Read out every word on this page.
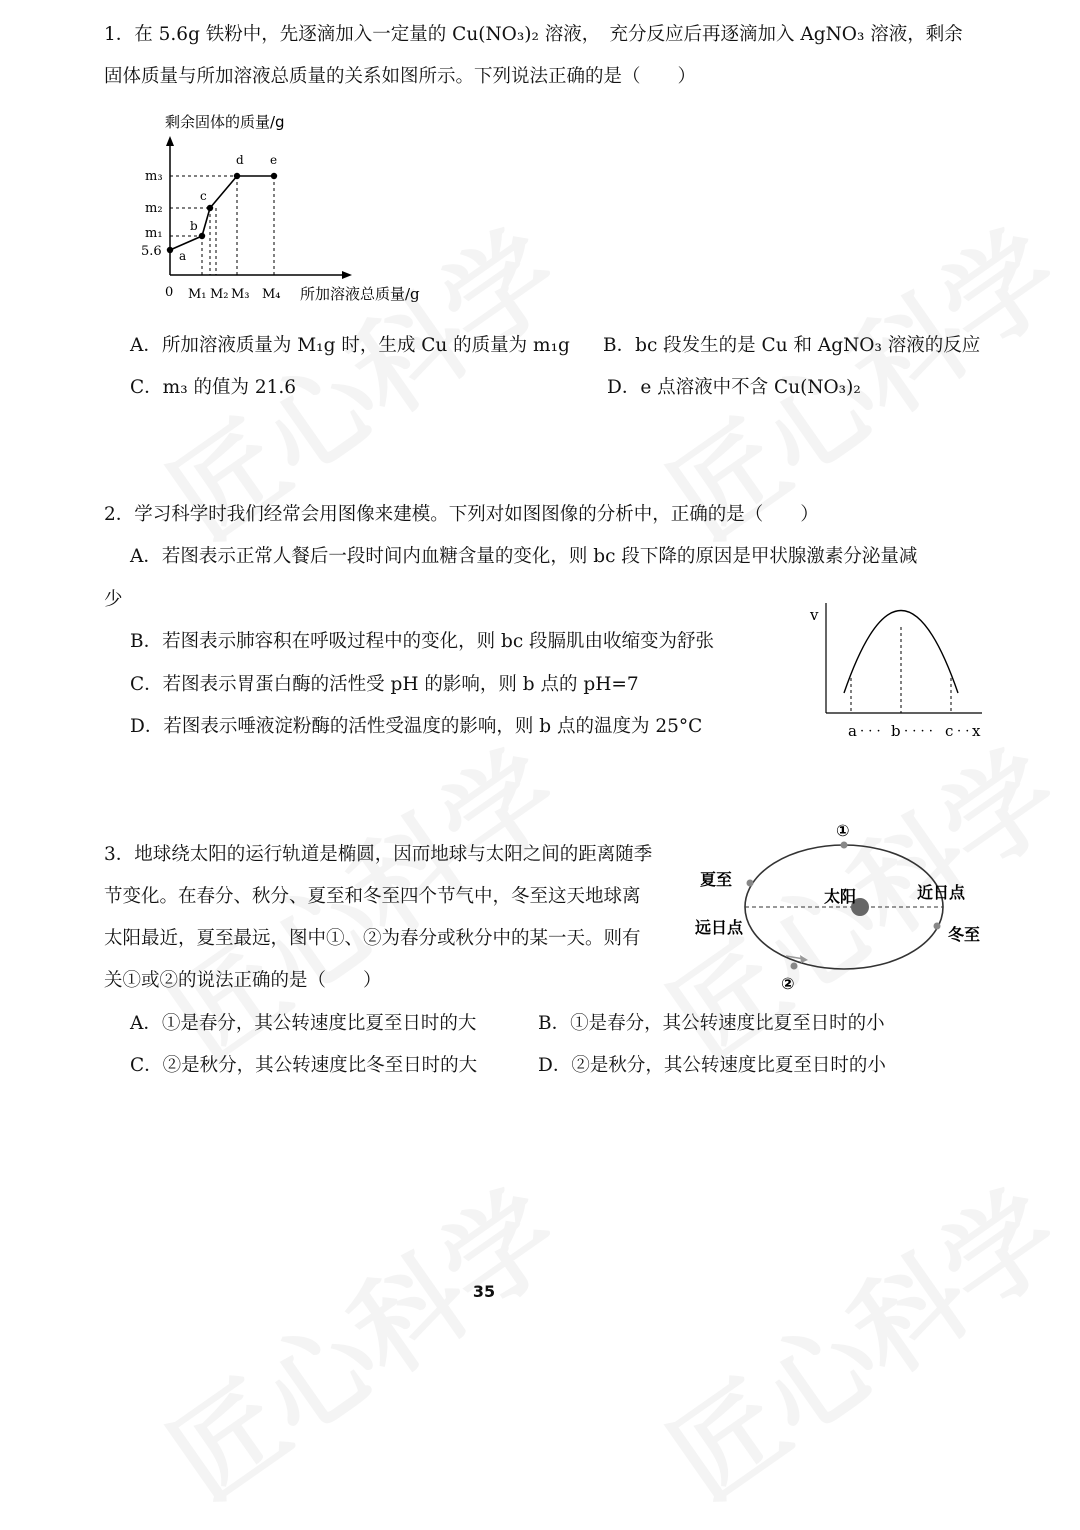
1．在 5.6g 铁粉中，先逐滴加入一定量的 Cu(NO₃)₂ 溶液，　充分反应后再逐滴加入 AgNO₃ 溶液，剩余
固体质量与所加溶液总质量的关系如图所示。下列说法正确的是（　　）
剩余固体的质量/g
a
b
c
d e
m₃
m₂
m₁
5.6
0 M₁ M₂ M₃ M₄ 所加溶液总质量/g
A．所加溶液质量为 M₁g 时，生成 Cu 的质量为 m₁g B．bc 段发生的是 Cu 和 AgNO₃ 溶液的反应
C．m₃ 的值为 21.6	D．e 点溶液中不含 Cu(NO₃)₂
2．学习科学时我们经常会用图像来建模。下列对如图图像的分析中，正确的是（　　）
A．若图表示正常人餐后一段时间内血糖含量的变化，则 bc 段下降的原因是甲状腺激素分泌量减
少
B．若图表示肺容积在呼吸过程中的变化，则 bc 段膈肌由收缩变为舒张
C．若图表示胃蛋白酶的活性受 pH 的影响，则 b 点的 pH=7
D．若图表示唾液淀粉酶的活性受温度的影响，则 b 点的温度为 25°C
v
a · · · b · · · · c · · x
3．地球绕太阳的运行轨道是椭圆，因而地球与太阳之间的距离随季
节变化。在春分、秋分、夏至和冬至四个节气中，冬至这天地球离
太阳最近，夏至最远，图中①、②为春分或秋分中的某一天。则有
关①或②的说法正确的是（　　）
①
②
夏至
远日点
太阳	近日点
冬至
A．①是春分，其公转速度比夏至日时的大	B．①是春分，其公转速度比夏至日时的小
C．②是秋分，其公转速度比冬至日时的大	D．②是秋分，其公转速度比夏至日时的小
35
